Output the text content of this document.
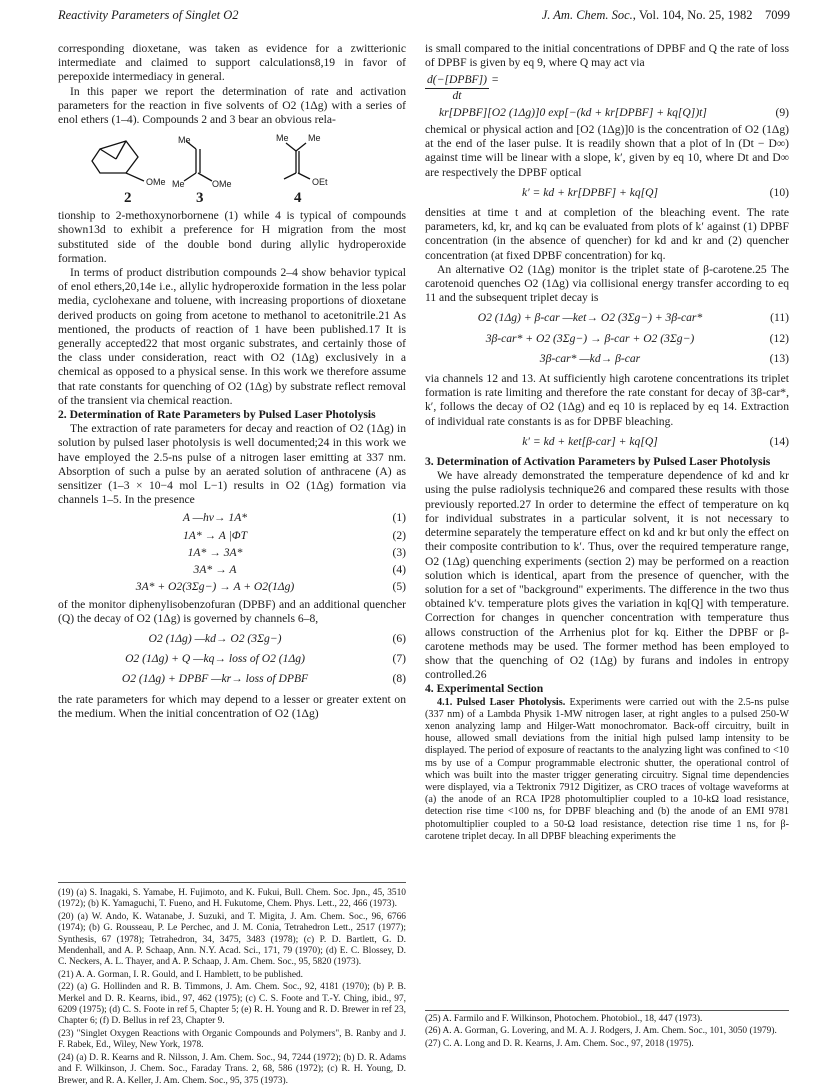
Reactivity Parameters of Singlet O2	J. Am. Chem. Soc., Vol. 104, No. 25, 1982 7099

corresponding dioxetane, was taken as evidence for a zwitterionic intermediate and claimed to support calculations8,19 in favor of perepoxide intermediacy in general.

In this paper we report the determination of rate and activation parameters for the reaction in five solvents of O2 (1Δg) with a series of enol ethers (1–4). Compounds 2 and 3 bear an obvious rela-

OMe
Me
Me	OMe
Me Me
OEt
2	3	4

tionship to 2-methoxynorbornene (1) while 4 is typical of compounds shown13d to exhibit a preference for H migration from the most substituted side of the double bond during allylic hydroperoxide formation.

In terms of product distribution compounds 2–4 show behavior typical of enol ethers,20,14e i.e., allylic hydroperoxide formation in the less polar media, cyclohexane and toluene, with increasing proportions of dioxetane derived products on going from acetone to methanol to acetonitrile.21 As mentioned, the products of reaction of 1 have been published.17 It is generally accepted22 that most organic substrates, and certainly those of the class under consideration, react with O2 (1Δg) exclusively in a chemical as opposed to a physical sense. In this work we therefore assume that rate constants for quenching of O2 (1Δg) by substrate reflect removal of the transient via chemical reaction.

2. Determination of Rate Parameters by Pulsed Laser Photolysis

The extraction of rate parameters for decay and reaction of O2 (1Δg) in solution by pulsed laser photolysis is well documented;24 in this work we have employed the 2.5-ns pulse of a nitrogen laser emitting at 337 nm. Absorption of such a pulse by an aerated solution of anthracene (A) as sensitizer (1–3 × 10−4 mol L−1) results in O2 (1Δg) formation via channels 1–5. In the presence

A —hν→ 1A*	(1)
1A* → A |ΦT	(2)
1A* → 3A*	(3)
3A* → A	(4)
3A* + O2(3Σg−) → A + O2(1Δg)	(5)

of the monitor diphenylisobenzofuran (DPBF) and an additional quencher (Q) the decay of O2 (1Δg) is governed by channels 6–8,

O2 (1Δg) —kd→ O2 (3Σg−)	(6)
O2 (1Δg) + Q —kq→ loss of O2 (1Δg)	(7)
O2 (1Δg) + DPBF —kr→ loss of DPBF	(8)

the rate parameters for which may depend to a lesser or greater extent on the medium. When the initial concentration of O2 (1Δg)

is small compared to the initial concentrations of DPBF and Q the rate of loss of DPBF is given by eq 9, where Q may act via

d(−[DPBF])
dt
=
kr[DPBF][O2 (1Δg)]0 exp[−(kd + kr[DPBF] + kq[Q])t]	(9)

chemical or physical action and [O2 (1Δg)]0 is the concentration of O2 (1Δg) at the end of the laser pulse. It is readily shown that a plot of ln (Dt − D∞) against time will be linear with a slope, k′, given by eq 10, where Dt and D∞ are respectively the DPBF optical

k′ = kd + kr[DPBF] + kq[Q]	(10)

densities at time t and at completion of the bleaching event. The rate parameters, kd, kr, and kq can be evaluated from plots of k′ against (1) DPBF concentration (in the absence of quencher) for kd and kr and (2) quencher concentration (at fixed DPBF concentration) for kq.

An alternative O2 (1Δg) monitor is the triplet state of β-carotene.25 The carotenoid quenches O2 (1Δg) via collisional energy transfer according to eq 11 and the subsequent triplet decay is

O2 (1Δg) + β-car —ket→ O2 (3Σg−) + 3β-car*	(11)
3β-car* + O2 (3Σg−) → β-car + O2 (3Σg−)	(12)
3β-car* —kd→ β-car	(13)

via channels 12 and 13. At sufficiently high carotene concentrations its triplet formation is rate limiting and therefore the rate constant for decay of 3β-car*, k′, follows the decay of O2 (1Δg) and eq 10 is replaced by eq 14. Extraction of individual rate constants is as for DPBF bleaching.

k′ = kd + ket[β-car] + kq[Q]	(14)

3. Determination of Activation Parameters by Pulsed Laser Photolysis

We have already demonstrated the temperature dependence of kd and kr using the pulse radiolysis technique26 and compared these results with those previously reported.27 In order to determine the effect of temperature on kq for individual substrates in a particular solvent, it is not necessary to determine separately the temperature effect on kd and kr but only the effect on their composite contribution to k′. Thus, over the required temperature range, O2 (1Δg) quenching experiments (section 2) may be performed on a reaction solution which is identical, apart from the presence of quencher, with the solution for a set of "background" experiments. The difference in the two thus obtained k′v. temperature plots gives the variation in kq[Q] with temperature. Correction for changes in quencher concentration with temperature thus allows construction of the Arrhenius plot for kq. Either the DPBF or β-carotene methods may be used. The former method has been employed to show that the quenching of O2 (1Δg) by furans and indoles in entropy controlled.26

4. Experimental Section

4.1. Pulsed Laser Photolysis. Experiments were carried out with the 2.5-ns pulse (337 nm) of a Lambda Physik 1-MW nitrogen laser, at right angles to a pulsed 250-W xenon analyzing lamp and Hilger-Watt monochromator. Back-off circuitry, built in house, allowed small deviations from the initial high pulsed lamp intensity to be displayed. The period of exposure of reactants to the analyzing light was confined to <10 ms by use of a Compur programmable electronic shutter, the operational control of which was built into the master trigger generating circuitry. Signal time dependencies were displayed, via a Tektronix 7912 Digitizer, as CRO traces of voltage waveforms at (a) the anode of an RCA IP28 photomultiplier coupled to a 10-kΩ load resistance, detection rise time <100 ns, for DPBF bleaching and (b) the anode of an EMI 9781 photomultiplier coupled to a 50-Ω load resistance, detection rise time 1 ns, for β-carotene triplet decay. In all DPBF bleaching experiments the

(19) (a) S. Inagaki, S. Yamabe, H. Fujimoto, and K. Fukui, Bull. Chem. Soc. Jpn., 45, 3510 (1972); (b) K. Yamaguchi, T. Fueno, and H. Fukutome, Chem. Phys. Lett., 22, 466 (1973).

(20) (a) W. Ando, K. Watanabe, J. Suzuki, and T. Migita, J. Am. Chem. Soc., 96, 6766 (1974); (b) G. Rousseau, P. Le Perchec, and J. M. Conia, Tetrahedron Lett., 2517 (1977); Synthesis, 67 (1978); Tetrahedron, 34, 3475, 3483 (1978); (c) P. D. Bartlett, G. D. Mendenhall, and A. P. Schaap, Ann. N.Y. Acad. Sci., 171, 79 (1970); (d) E. C. Blossey, D. C. Neckers, A. L. Thayer, and A. P. Schaap, J. Am. Chem. Soc., 95, 5820 (1973).

(21) A. A. Gorman, I. R. Gould, and I. Hamblett, to be published.

(22) (a) G. Hollinden and R. B. Timmons, J. Am. Chem. Soc., 92, 4181 (1970); (b) P. B. Merkel and D. R. Kearns, ibid., 97, 462 (1975); (c) C. S. Foote and T.-Y. Ching, ibid., 97, 6209 (1975); (d) C. S. Foote in ref 5, Chapter 5; (e) R. H. Young and R. D. Brewer in ref 23, Chapter 6; (f) D. Bellus in ref 23, Chapter 9.

(23) "Singlet Oxygen Reactions with Organic Compounds and Polymers", B. Ranby and J. F. Rabek, Ed., Wiley, New York, 1978.

(24) (a) D. R. Kearns and R. Nilsson, J. Am. Chem. Soc., 94, 7244 (1972); (b) D. R. Adams and F. Wilkinson, J. Chem. Soc., Faraday Trans. 2, 68, 586 (1972); (c) R. H. Young, D. Brewer, and R. A. Keller, J. Am. Chem. Soc., 95, 375 (1973).

(25) A. Farmilo and F. Wilkinson, Photochem. Photobiol., 18, 447 (1973).

(26) A. A. Gorman, G. Lovering, and M. A. J. Rodgers, J. Am. Chem. Soc., 101, 3050 (1979).

(27) C. A. Long and D. R. Kearns, J. Am. Chem. Soc., 97, 2018 (1975).
